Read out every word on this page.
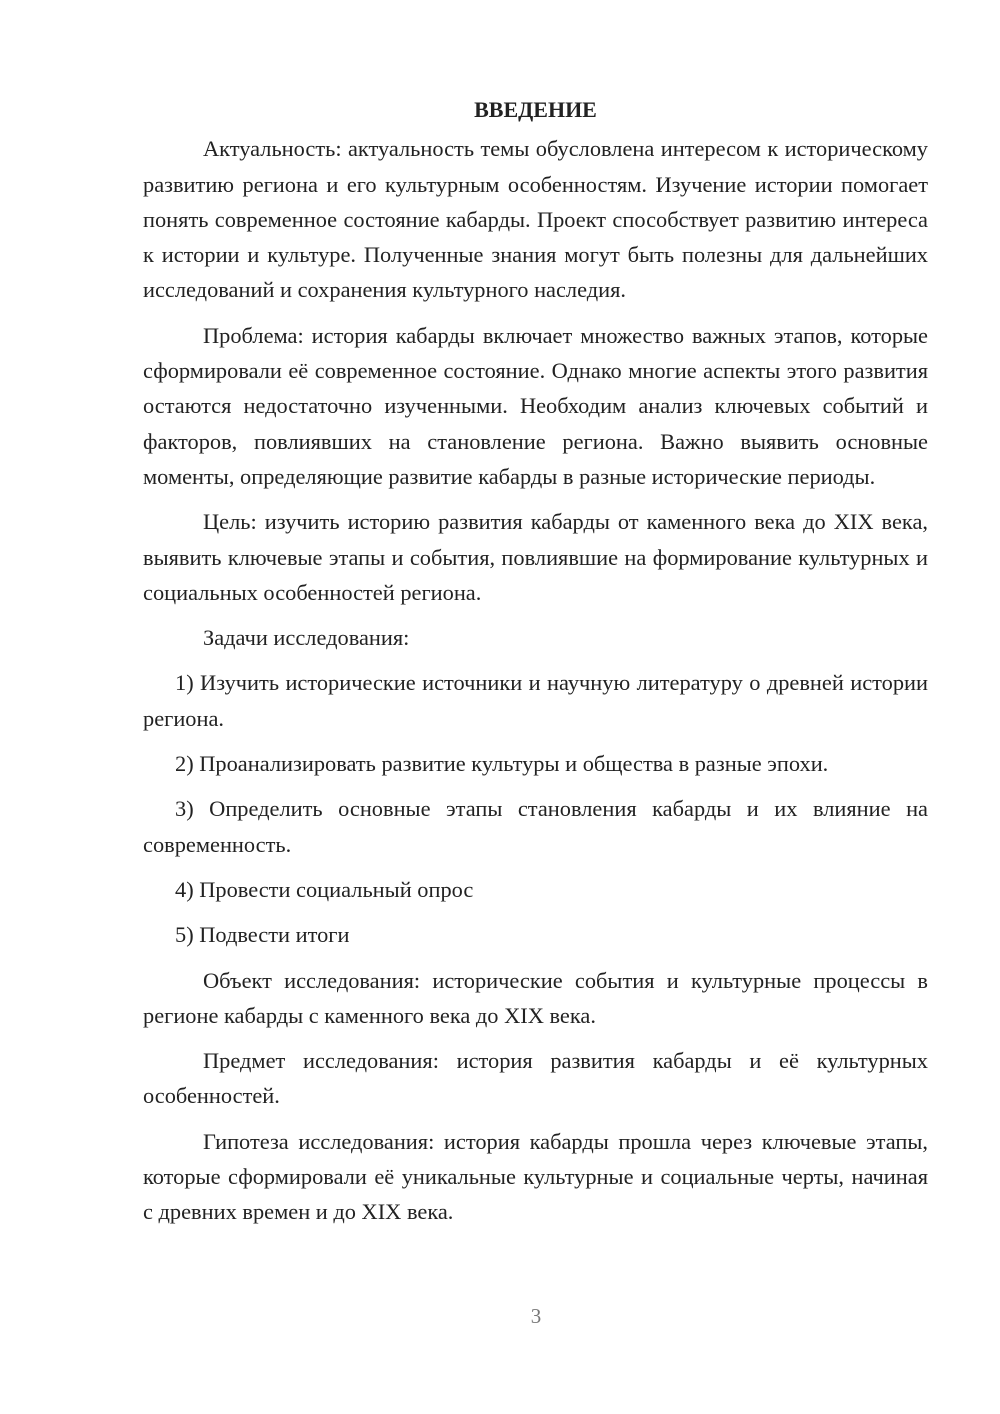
ВВЕДЕНИЕ

Актуальность: актуальность темы обусловлена интересом к историческому развитию региона и его культурным особенностям. Изучение истории помогает понять современное состояние кабарды. Проект способствует развитию интереса к истории и культуре. Полученные знания могут быть полезны для дальнейших исследований и сохранения культурного наследия.

Проблема: история кабарды включает множество важных этапов, которые сформировали её современное состояние. Однако многие аспекты этого развития остаются недостаточно изученными. Необходим анализ ключевых событий и факторов, повлиявших на становление региона. Важно выявить основные моменты, определяющие развитие кабарды в разные исторические периоды.

Цель: изучить историю развития кабарды от каменного века до XIX века, выявить ключевые этапы и события, повлиявшие на формирование культурных и социальных особенностей региона.

Задачи исследования:

1) Изучить исторические источники и научную литературу о древней истории региона.

2) Проанализировать развитие культуры и общества в разные эпохи.

3) Определить основные этапы становления кабарды и их влияние на современность.

4) Провести социальный опрос

5) Подвести итоги

Объект исследования: исторические события и культурные процессы в регионе кабарды с каменного века до XIX века.

Предмет исследования: история развития кабарды и её культурных особенностей.

Гипотеза исследования: история кабарды прошла через ключевые этапы, которые сформировали её уникальные культурные и социальные черты, начиная с древних времен и до XIX века.

3
